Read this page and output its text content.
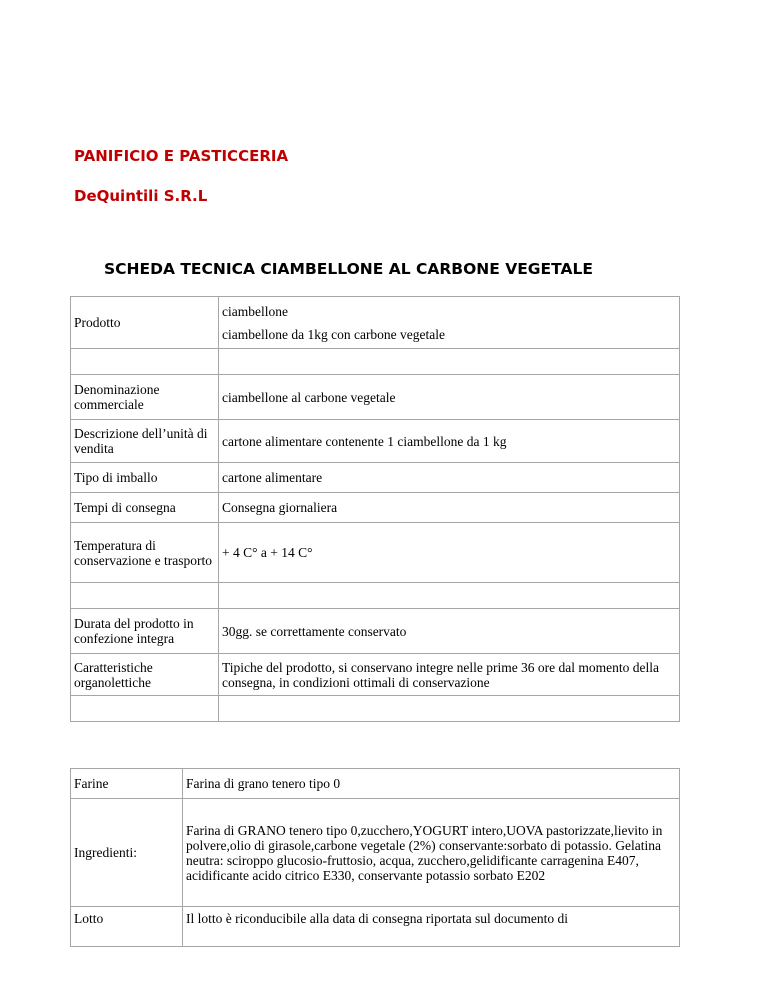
PANIFICIO E PASTICCERIA
DeQuintili S.R.L
SCHEDA TECNICA CIAMBELLONE AL CARBONE VEGETALE
Prodotto	ciambellone
ciambellone da 1kg con carbone vegetale

Denominazione commerciale	ciambellone al carbone vegetale
Descrizione dell’unità di vendita	cartone alimentare contenente 1 ciambellone da 1 kg
Tipo di imballo	cartone alimentare
Tempi di consegna	Consegna giornaliera
Temperatura di conservazione e trasporto	+ 4 C° a + 14 C°

Durata del prodotto in confezione integra	30gg. se correttamente conservato
Caratteristiche organolettiche	Tipiche del prodotto, si conservano integre nelle prime 36 ore dal momento della consegna, in condizioni ottimali di conservazione

Farine	Farina di grano tenero tipo 0
Ingredienti:	Farina di GRANO tenero tipo 0,zucchero,YOGURT intero,UOVA pastorizzate,lievito in polvere,olio di girasole,carbone vegetale (2%) conservante:sorbato di potassio. Gelatina neutra: sciroppo glucosio-fruttosio, acqua, zucchero,gelidificante carragenina E407, acidificante acido citrico E330, conservante potassio sorbato E202
Lotto	Il lotto è riconducibile alla data di consegna riportata sul documento di
